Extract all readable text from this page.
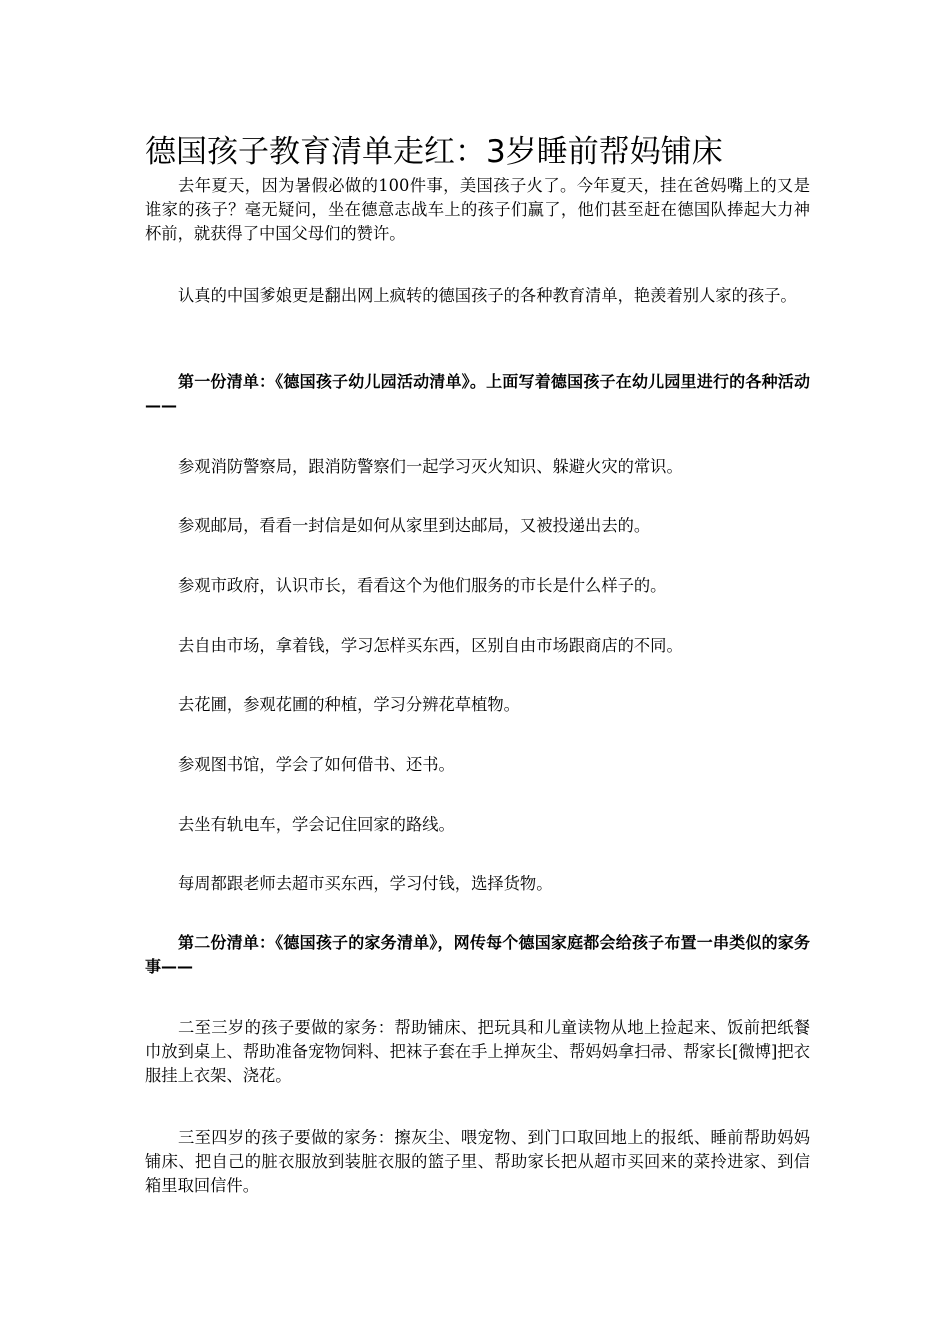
德国孩子教育清单走红：3岁睡前帮妈铺床

去年夏天，因为暑假必做的100件事，美国孩子火了。今年夏天，挂在爸妈嘴上的又是谁家的孩子？毫无疑问，坐在德意志战车上的孩子们赢了，他们甚至赶在德国队捧起大力神杯前，就获得了中国父母们的赞许。

认真的中国爹娘更是翻出网上疯转的德国孩子的各种教育清单，艳羡着别人家的孩子。

第一份清单：《德国孩子幼儿园活动清单》。上面写着德国孩子在幼儿园里进行的各种活动——

参观消防警察局，跟消防警察们一起学习灭火知识、躲避火灾的常识。

参观邮局，看看一封信是如何从家里到达邮局，又被投递出去的。

参观市政府，认识市长，看看这个为他们服务的市长是什么样子的。

去自由市场，拿着钱，学习怎样买东西，区别自由市场跟商店的不同。

去花圃，参观花圃的种植，学习分辨花草植物。

参观图书馆，学会了如何借书、还书。

去坐有轨电车，学会记住回家的路线。

每周都跟老师去超市买东西，学习付钱，选择货物。

第二份清单：《德国孩子的家务清单》，网传每个德国家庭都会给孩子布置一串类似的家务事——

二至三岁的孩子要做的家务：帮助铺床、把玩具和儿童读物从地上捡起来、饭前把纸餐巾放到桌上、帮助准备宠物饲料、把袜子套在手上掸灰尘、帮妈妈拿扫帚、帮家长[微博]把衣服挂上衣架、浇花。

三至四岁的孩子要做的家务：擦灰尘、喂宠物、到门口取回地上的报纸、睡前帮助妈妈铺床、把自己的脏衣服放到装脏衣服的篮子里、帮助家长把从超市买回来的菜拎进家、到信箱里取回信件。
